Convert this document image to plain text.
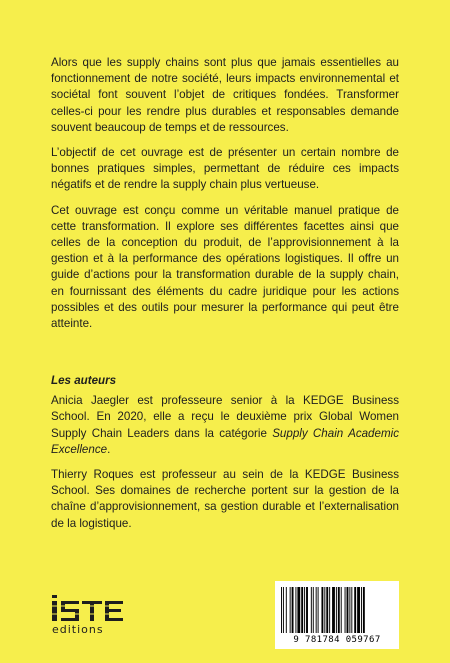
Alors que les supply chains sont plus que jamais essentielles au fonctionnement de notre société, leurs impacts environnemental et sociétal font souvent l’objet de critiques fondées. Transformer celles-ci pour les rendre plus durables et responsables demande souvent beaucoup de temps et de ressources.

L’objectif de cet ouvrage est de présenter un certain nombre de bonnes pratiques simples, permettant de réduire ces impacts négatifs et de rendre la supply chain plus vertueuse.

Cet ouvrage est conçu comme un véritable manuel pratique de cette transformation. Il explore ses différentes facettes ainsi que celles de la conception du produit, de l’approvisionnement à la gestion et à la performance des opérations logistiques. Il offre un guide d’actions pour la transformation durable de la supply chain, en fournissant des éléments du cadre juridique pour les actions possibles et des outils pour mesurer la performance qui peut être atteinte.

Les auteurs

Anicia Jaegler est professeure senior à la KEDGE Business School. En 2020, elle a reçu le deuxième prix Global Women Supply Chain Leaders dans la catégorie Supply Chain Academic Excellence.

Thierry Roques est professeur au sein de la KEDGE Business School. Ses domaines de recherche portent sur la gestion de la chaîne d’approvisionnement, sa gestion durable et l’externalisation de la logistique.

editions
9 781784 059767
